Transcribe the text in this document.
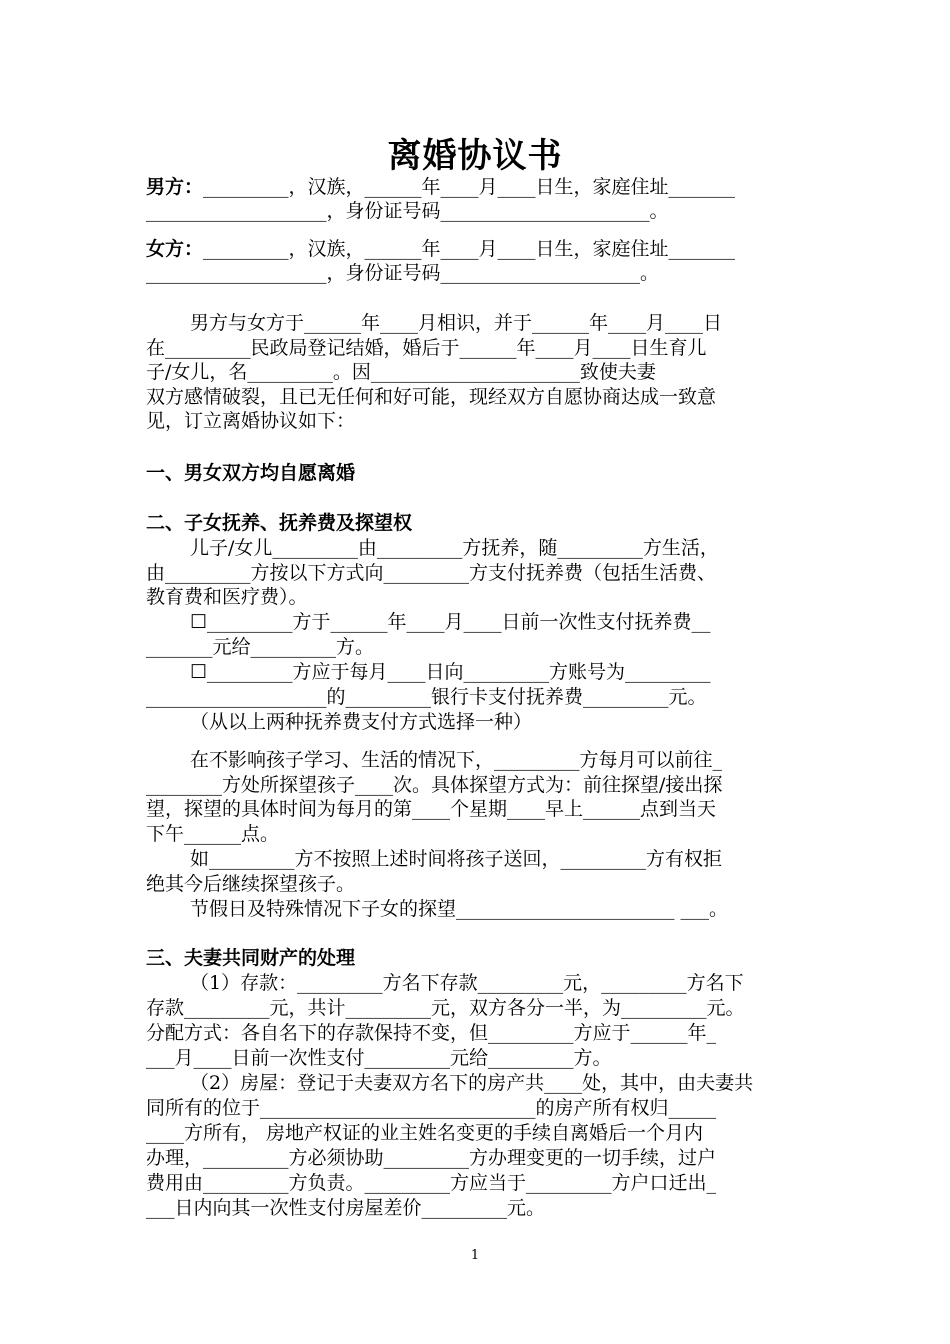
离婚协议书
男方：_________，汉族，______年____月____日生，家庭住址_______
___________________，身份证号码______________________。
女方：_________，汉族，______年____月____日生，家庭住址_______
___________________，身份证号码_____________________。
男方与女方于______年____月相识，并于______年____月____日
在_________民政局登记结婚，婚后于______年____月____日生育儿
子/女儿，名_________。因______________________致使夫妻
双方感情破裂，且已无任何和好可能，现经双方自愿协商达成一致意
见，订立离婚协议如下：
一、男女双方均自愿离婚
二、子女抚养、抚养费及探望权
儿子/女儿_________由_________方抚养，随_________方生活，
由_________方按以下方式向_________方支付抚养费（包括生活费、
教育费和医疗费）。
☐_________方于______年____月____日前一次性支付抚养费__
_______元给_________方。
☐_________方应于每月____日向_________方账号为_________
___________________的_________银行卡支付抚养费_________元。
（从以上两种抚养费支付方式选择一种）
在不影响孩子学习、生活的情况下，_________方每月可以前往_
________方处所探望孩子____次。具体探望方式为：前往探望/接出探
望，探望的具体时间为每月的第____个星期____早上______点到当天
下午______点。
如_________方不按照上述时间将孩子送回，_________方有权拒
绝其今后继续探望孩子。
节假日及特殊情况下子女的探望_______________________ ___。
三、夫妻共同财产的处理
（1）存款：_________方名下存款_________元，_________方名下
存款_________元，共计_________元，双方各分一半，为_________元。
分配方式：各自名下的存款保持不变，但_________方应于______年_
___月____日前一次性支付_________元给_________方。
（2）房屋：登记于夫妻双方名下的房产共____处，其中，由夫妻共
同所有的位于_____________________________的房产所有权归_____
____方所有， 房地产权证的业主姓名变更的手续自离婚后一个月内
办理，_________方必须协助_________方办理变更的一切手续，过户
费用由_________方负责。_________方应当于_________方户口迁出_
___日内向其一次性支付房屋差价_________元。
1
